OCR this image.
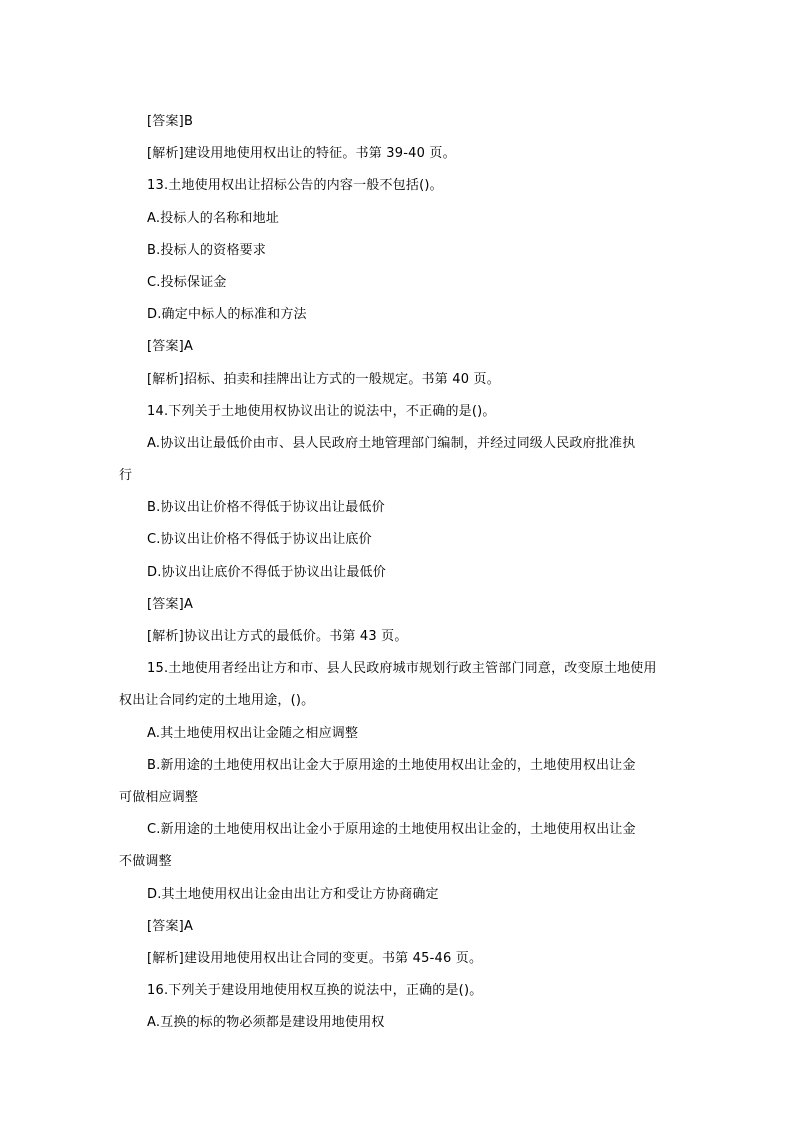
[答案]B
[解析]建设用地使用权出让的特征。书第 39-40 页。
13.土地使用权出让招标公告的内容一般不包括()。
A.投标人的名称和地址
B.投标人的资格要求
C.投标保证金
D.确定中标人的标准和方法
[答案]A
[解析]招标、拍卖和挂牌出让方式的一般规定。书第 40 页。
14.下列关于土地使用权协议出让的说法中，不正确的是()。
A.协议出让最低价由市、县人民政府土地管理部门编制，并经过同级人民政府批准执
行
B.协议出让价格不得低于协议出让最低价
C.协议出让价格不得低于协议出让底价
D.协议出让底价不得低于协议出让最低价
[答案]A
[解析]协议出让方式的最低价。书第 43 页。
15.土地使用者经出让方和市、县人民政府城市规划行政主管部门同意，改变原土地使用
权出让合同约定的土地用途，()。
A.其土地使用权出让金随之相应调整
B.新用途的土地使用权出让金大于原用途的土地使用权出让金的，土地使用权出让金
可做相应调整
C.新用途的土地使用权出让金小于原用途的土地使用权出让金的，土地使用权出让金
不做调整
D.其土地使用权出让金由出让方和受让方协商确定
[答案]A
[解析]建设用地使用权出让合同的变更。书第 45-46 页。
16.下列关于建设用地使用权互换的说法中，正确的是()。
A.互换的标的物必须都是建设用地使用权
